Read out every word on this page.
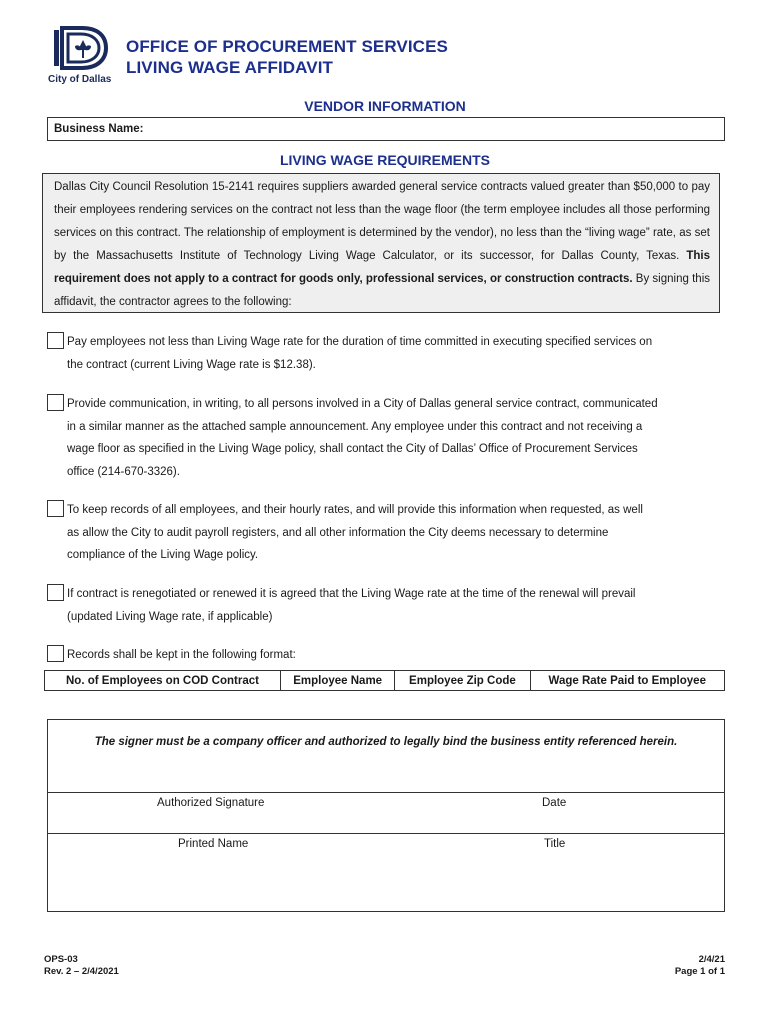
City of Dallas
OFFICE OF PROCUREMENT SERVICES
LIVING WAGE AFFIDAVIT
VENDOR INFORMATION
Business Name:
LIVING WAGE REQUIREMENTS
Dallas City Council Resolution 15-2141 requires suppliers awarded general service contracts valued greater than $50,000 to pay their employees rendering services on the contract not less than the wage floor (the term employee includes all those performing services on this contract. The relationship of employment is determined by the vendor), no less than the “living wage” rate, as set by the Massachusetts Institute of Technology Living Wage Calculator, or its successor, for Dallas County, Texas. This requirement does not apply to a contract for goods only, professional services, or construction contracts. By signing this affidavit, the contractor agrees to the following:
Pay employees not less than Living Wage rate for the duration of time committed in executing specified services on
the contract (current Living Wage rate is $12.38).
Provide communication, in writing, to all persons involved in a City of Dallas general service contract, communicated
in a similar manner as the attached sample announcement. Any employee under this contract and not receiving a
wage floor as specified in the Living Wage policy, shall contact the City of Dallas’ Office of Procurement Services
office (214-670-3326).
To keep records of all employees, and their hourly rates, and will provide this information when requested, as well
as allow the City to audit payroll registers, and all other information the City deems necessary to determine
compliance of the Living Wage policy.
If contract is renegotiated or renewed it is agreed that the Living Wage rate at the time of the renewal will prevail
(updated Living Wage rate, if applicable)
Records shall be kept in the following format:
No. of Employees on COD Contract	Employee Name	Employee Zip Code	Wage Rate Paid to Employee
The signer must be a company officer and authorized to legally bind the business entity referenced herein.
Authorized Signature	Date
Printed Name	Title
OPS-03
Rev. 2 – 2/4/2021
2/4/21
Page 1 of 1
